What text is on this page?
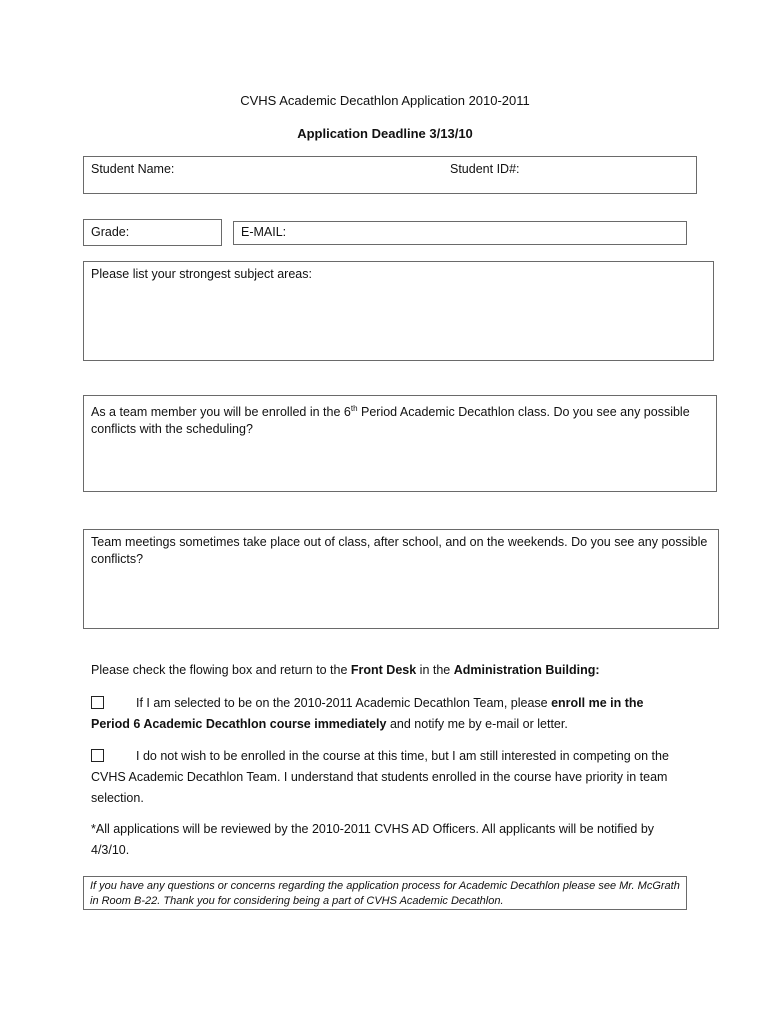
CVHS Academic Decathlon Application 2010-2011
Application Deadline 3/13/10
Student Name:	Student ID#:
Grade:	E-MAIL:
Please list your strongest subject areas:
As a team member you will be enrolled in the 6th Period Academic Decathlon class. Do you see any possible conflicts with the scheduling?
Team meetings sometimes take place out of class, after school, and on the weekends. Do you see any possible conflicts?
Please check the flowing box and return to the Front Desk in the Administration Building:
If I am selected to be on the 2010-2011 Academic Decathlon Team, please enroll me in the Period 6 Academic Decathlon course immediately and notify me by e-mail or letter.
I do not wish to be enrolled in the course at this time, but I am still interested in competing on the CVHS Academic Decathlon Team. I understand that students enrolled in the course have priority in team selection.
*All applications will be reviewed by the 2010-2011 CVHS AD Officers. All applicants will be notified by 4/3/10.
If you have any questions or concerns regarding the application process for Academic Decathlon please see Mr. McGrath in Room B-22. Thank you for considering being a part of CVHS Academic Decathlon.
